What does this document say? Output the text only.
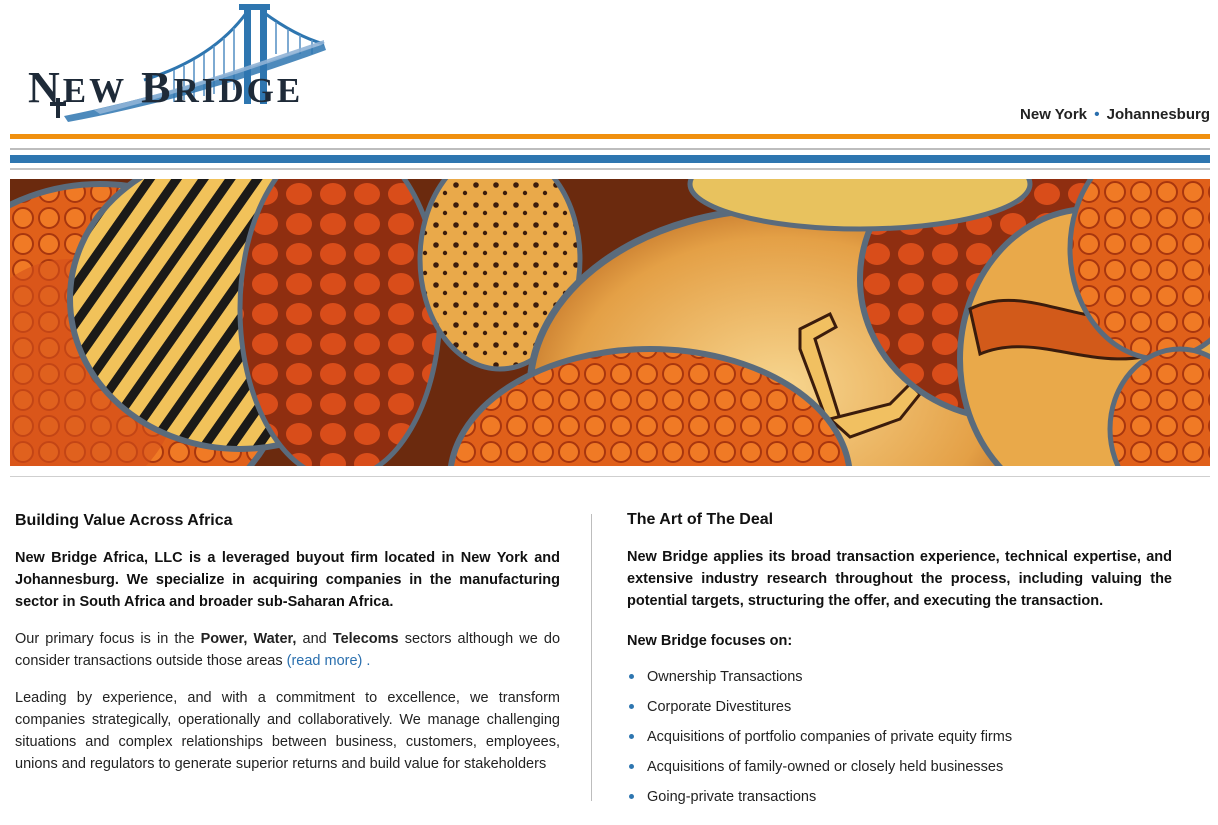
NEW BRIDGE
New York • Johannesburg
Building Value Across Africa

New Bridge Africa, LLC is a leveraged buyout firm located in New York and Johannesburg. We specialize in acquiring companies in the manufacturing sector in South Africa and broader sub-Saharan Africa.

Our primary focus is in the Power, Water, and Telecoms sectors although we do consider transactions outside those areas (read more) .

Leading by experience, and with a commitment to excellence, we transform companies strategically, operationally and collaboratively. We manage challenging situations and complex relationships between business, customers, employees, unions and regulators to generate superior returns and build value for stakeholders

The Art of The Deal

New Bridge applies its broad transaction experience, technical expertise, and extensive industry research throughout the process, including valuing the potential targets, structuring the offer, and executing the transaction.

New Bridge focuses on:
Ownership Transactions
Corporate Divestitures
Acquisitions of portfolio companies of private equity firms
Acquisitions of family-owned or closely held businesses
Going-private transactions
